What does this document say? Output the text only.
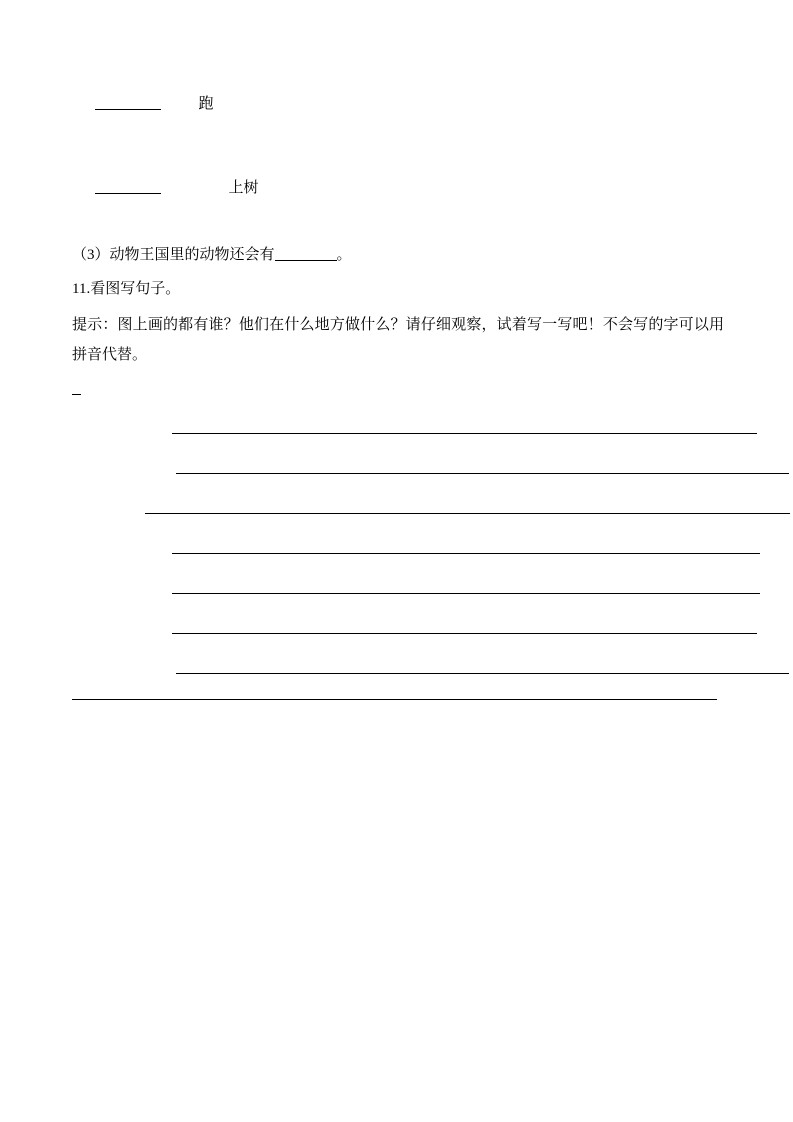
跑

上树

（3）动物王国里的动物还会有	。
11.看图写句子。
提示：图上画的都有谁？他们在什么地方做什么？请仔细观察，试着写一写吧！不会写的字可以用拼音代替。
